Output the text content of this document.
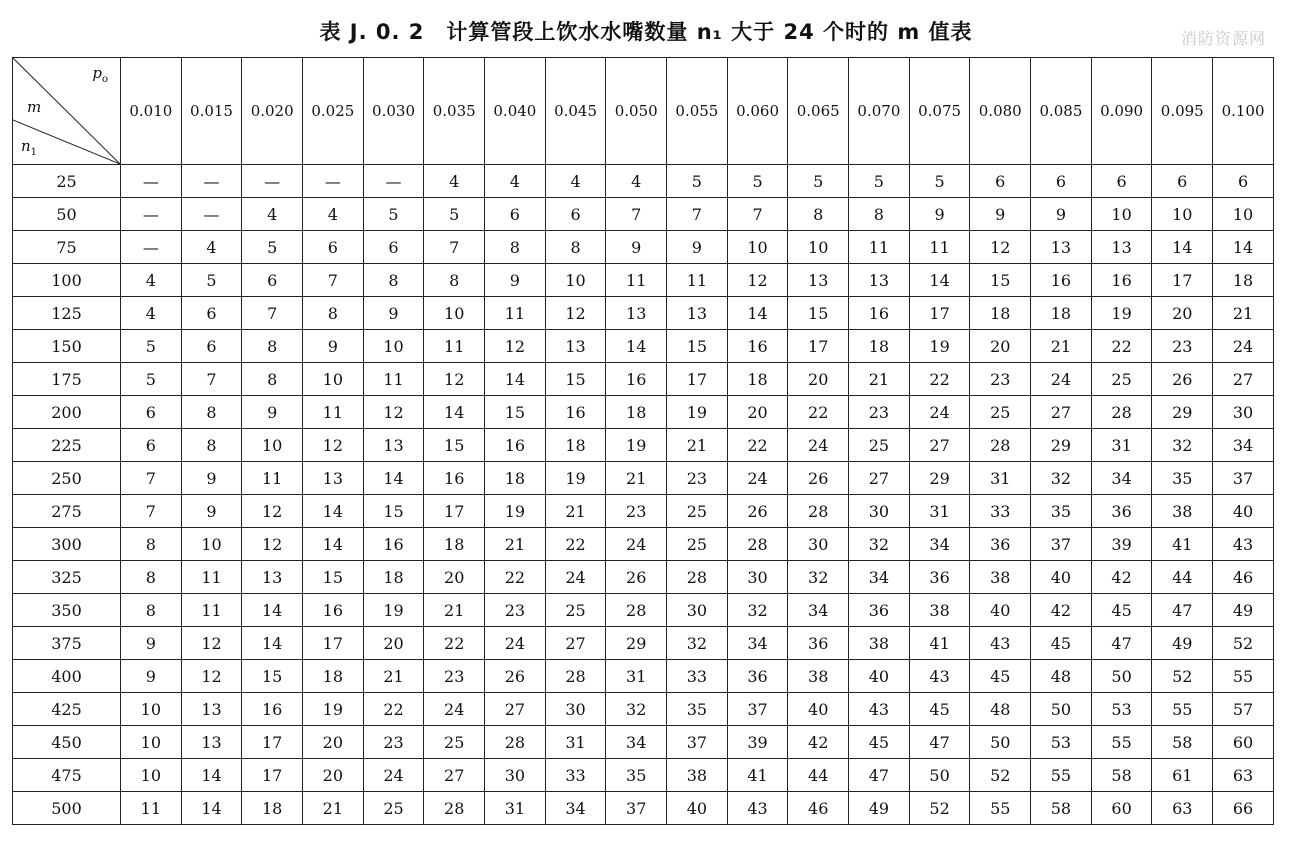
表 J. 0. 2　计算管段上饮水水嘴数量 n₁ 大于 24 个时的 m 值表	消防资源网
$p_o$
m
$n_1$	0.010	0.015	0.020	0.025	0.030	0.035	0.040	0.045	0.050	0.055	0.060	0.065	0.070	0.075	0.080	0.085	0.090	0.095	0.100
25	—	—	—	—	—	4	4	4	4	5	5	5	5	5	6	6	6	6	6
50	—	—	4	4	5	5	6	6	7	7	7	8	8	9	9	9	10	10	10
75	—	4	5	6	6	7	8	8	9	9	10	10	11	11	12	13	13	14	14
100	4	5	6	7	8	8	9	10	11	11	12	13	13	14	15	16	16	17	18
125	4	6	7	8	9	10	11	12	13	13	14	15	16	17	18	18	19	20	21
150	5	6	8	9	10	11	12	13	14	15	16	17	18	19	20	21	22	23	24
175	5	7	8	10	11	12	14	15	16	17	18	20	21	22	23	24	25	26	27
200	6	8	9	11	12	14	15	16	18	19	20	22	23	24	25	27	28	29	30
225	6	8	10	12	13	15	16	18	19	21	22	24	25	27	28	29	31	32	34
250	7	9	11	13	14	16	18	19	21	23	24	26	27	29	31	32	34	35	37
275	7	9	12	14	15	17	19	21	23	25	26	28	30	31	33	35	36	38	40
300	8	10	12	14	16	18	21	22	24	25	28	30	32	34	36	37	39	41	43
325	8	11	13	15	18	20	22	24	26	28	30	32	34	36	38	40	42	44	46
350	8	11	14	16	19	21	23	25	28	30	32	34	36	38	40	42	45	47	49
375	9	12	14	17	20	22	24	27	29	32	34	36	38	41	43	45	47	49	52
400	9	12	15	18	21	23	26	28	31	33	36	38	40	43	45	48	50	52	55
425	10	13	16	19	22	24	27	30	32	35	37	40	43	45	48	50	53	55	57
450	10	13	17	20	23	25	28	31	34	37	39	42	45	47	50	53	55	58	60
475	10	14	17	20	24	27	30	33	35	38	41	44	47	50	52	55	58	61	63
500	11	14	18	21	25	28	31	34	37	40	43	46	49	52	55	58	60	63	66
